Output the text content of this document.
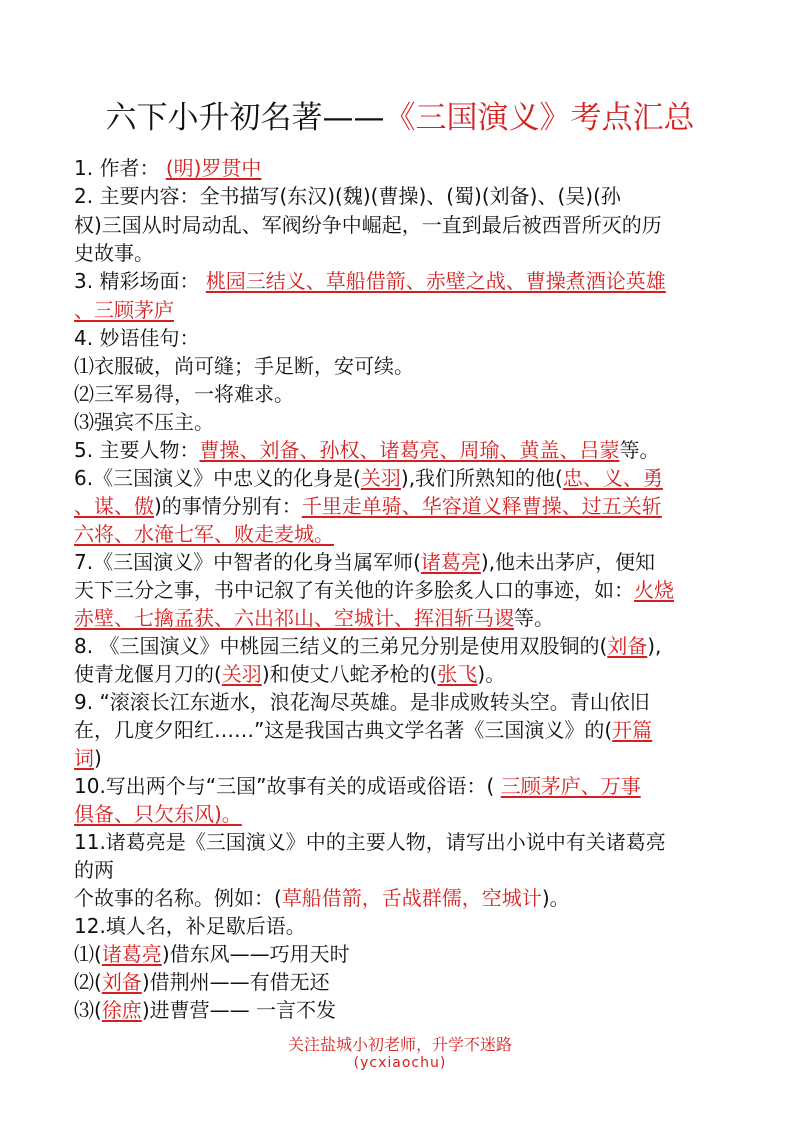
六下小升初名著——《三国演义》考点汇总
1. 作者： (明)罗贯中
2. 主要内容：全书描写(东汉)(魏)(曹操)、(蜀)(刘备)、(吴)(孙
权)三国从时局动乱、军阀纷争中崛起，一直到最后被西晋所灭的历
史故事。
3. 精彩场面： 桃园三结义、草船借箭、赤壁之战、曹操煮酒论英雄
、三顾茅庐
4. 妙语佳句：
⑴衣服破，尚可缝；手足断，安可续。
⑵三军易得，一将难求。
⑶强宾不压主。
5. 主要人物：曹操、刘备、孙权、诸葛亮、周瑜、黄盖、吕蒙等。
6.《三国演义》中忠义的化身是(关羽),我们所熟知的他(忠、义、勇
、谋、傲)的事情分别有：千里走单骑、华容道义释曹操、过五关斩
六将、水淹七军、败走麦城。
7.《三国演义》中智者的化身当属军师(诸葛亮),他未出茅庐，便知
天下三分之事，书中记叙了有关他的许多脍炙人口的事迹，如：火烧
赤壁、七擒孟获、六出祁山、空城计、挥泪斩马谡等。
8. 《三国演义》中桃园三结义的三弟兄分别是使用双股铜的(刘备),
使青龙偃月刀的(关羽)和使丈八蛇矛枪的(张飞)。
9. “滚滚长江东逝水，浪花淘尽英雄。是非成败转头空。青山依旧
在，几度夕阳红……”这是我国古典文学名著《三国演义》的(开篇
词)
10.写出两个与“三国”故事有关的成语或俗语：( 三顾茅庐、万事
俱备、只欠东风)。
11.诸葛亮是《三国演义》中的主要人物，请写出小说中有关诸葛亮
的两
个故事的名称。例如：(草船借箭，舌战群儒，空城计)。
12.填人名，补足歇后语。
⑴(诸葛亮)借东风——巧用天时
⑵(刘备)借荆州——有借无还
⑶(徐庶)进曹营—— 一言不发
关注盐城小初老师，升学不迷路
(ycxiaochu)
